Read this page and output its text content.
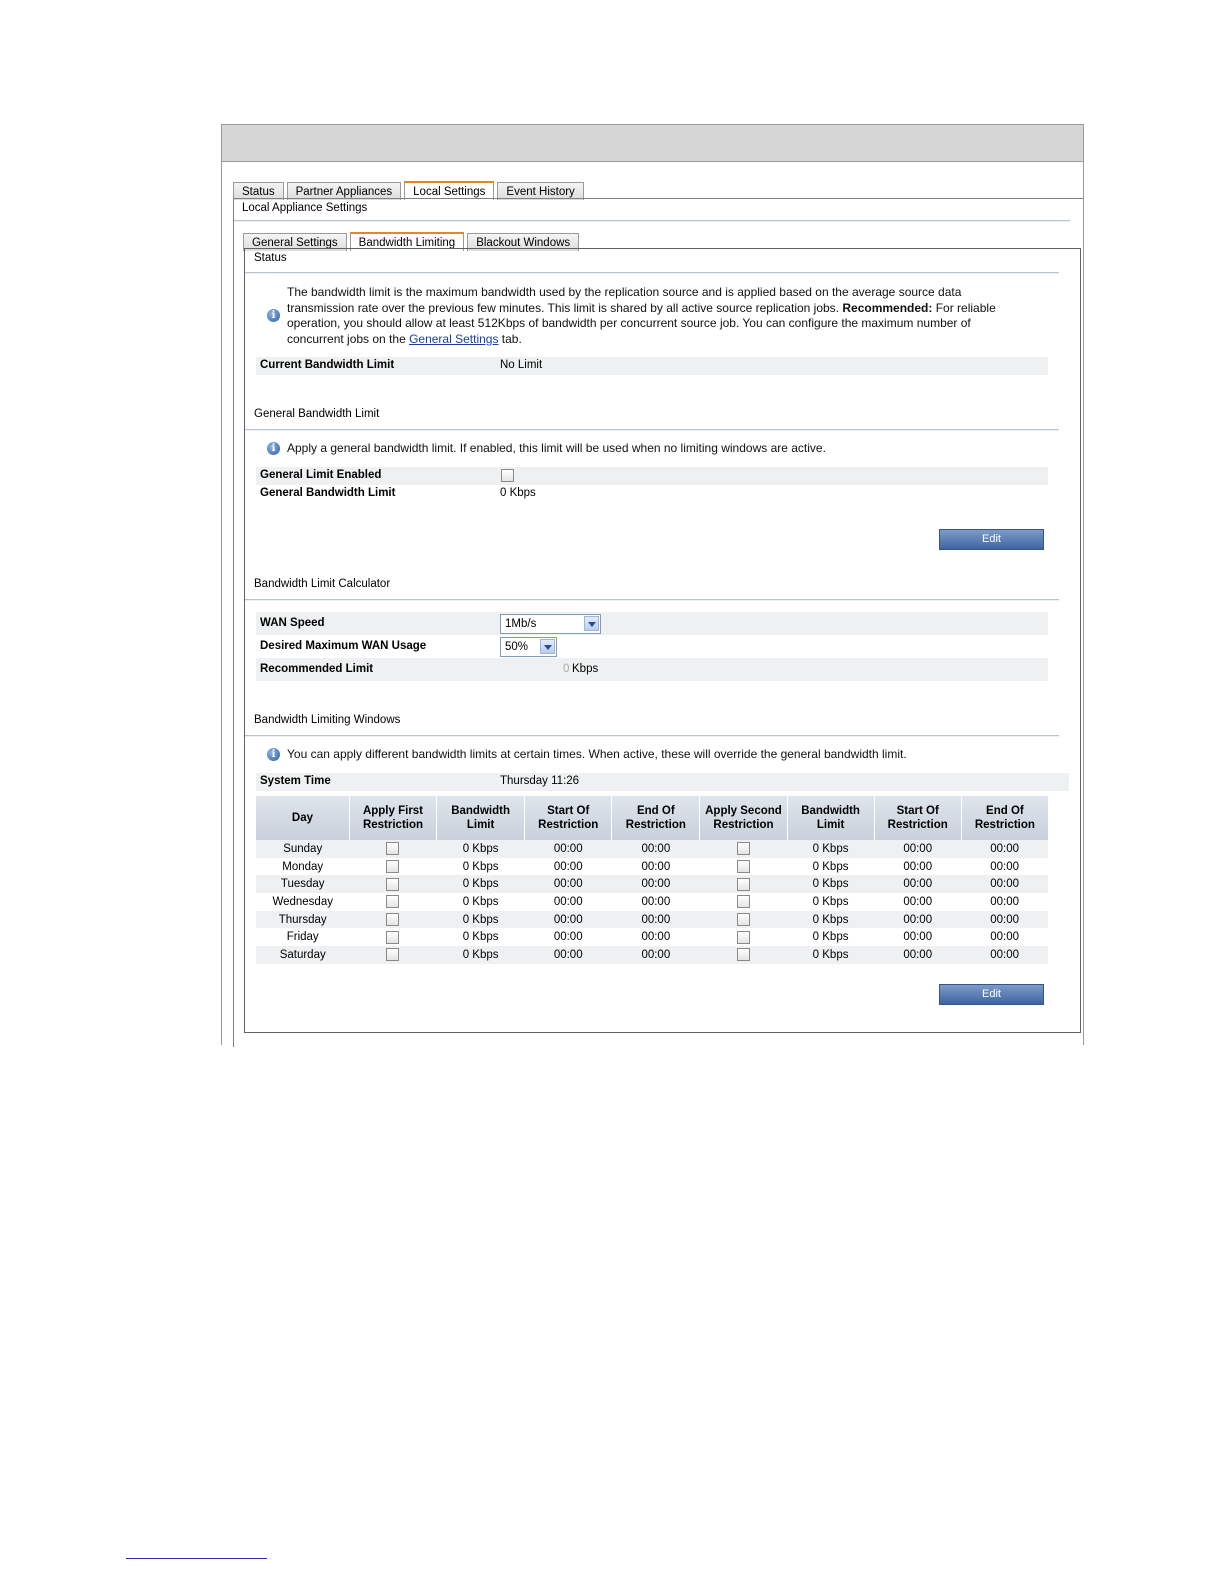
Status	Partner Appliances	Local Settings	Event History
Local Appliance Settings
General Settings	Bandwidth Limiting	Blackout Windows
Status
i
The bandwidth limit is the maximum bandwidth used by the replication source and is applied based on the average source data transmission rate over the previous few minutes. This limit is shared by all active source replication jobs. Recommended: For reliable operation, you should allow at least 512Kbps of bandwidth per concurrent source job. You can configure the maximum number of concurrent jobs on the General Settings tab.
Current Bandwidth Limit	No Limit
General Bandwidth Limit
i Apply a general bandwidth limit. If enabled, this limit will be used when no limiting windows are active.
General Limit Enabled
General Bandwidth Limit	0 Kbps
Edit
Bandwidth Limit Calculator
WAN Speed	1Mb/s
Desired Maximum WAN Usage	50%
Recommended Limit	0 Kbps
Bandwidth Limiting Windows
i You can apply different bandwidth limits at certain times. When active, these will override the general bandwidth limit.
System Time	Thursday 11:26
Day	Apply First Restriction	Bandwidth Limit	Start Of Restriction	End Of Restriction	Apply Second Restriction	Bandwidth Limit	Start Of Restriction	End Of Restriction
Sunday		0 Kbps	00:00	00:00		0 Kbps	00:00	00:00
Monday		0 Kbps	00:00	00:00		0 Kbps	00:00	00:00
Tuesday		0 Kbps	00:00	00:00		0 Kbps	00:00	00:00
Wednesday		0 Kbps	00:00	00:00		0 Kbps	00:00	00:00
Thursday		0 Kbps	00:00	00:00		0 Kbps	00:00	00:00
Friday		0 Kbps	00:00	00:00		0 Kbps	00:00	00:00
Saturday		0 Kbps	00:00	00:00		0 Kbps	00:00	00:00
Edit
